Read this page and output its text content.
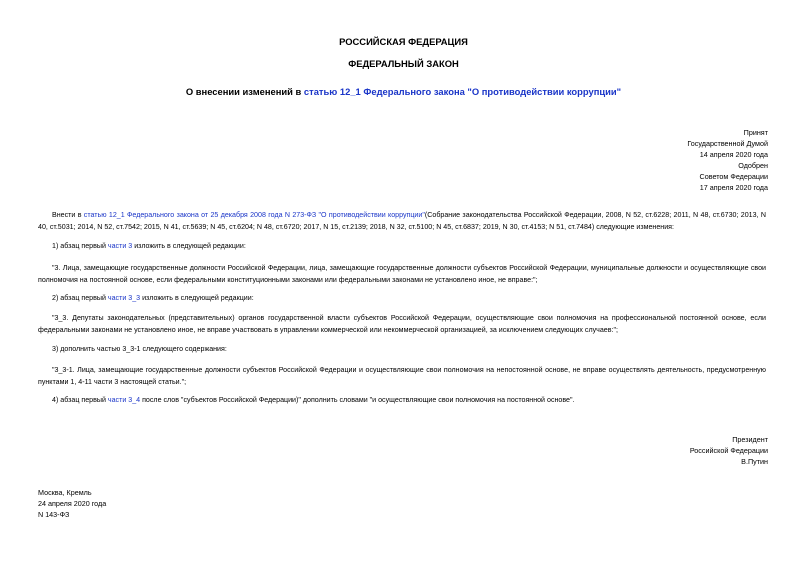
РОССИЙСКАЯ ФЕДЕРАЦИЯ
ФЕДЕРАЛЬНЫЙ ЗАКОН
О внесении изменений в статью 12_1 Федерального закона "О противодействии коррупции"
Принят
Государственной Думой
14 апреля 2020 года
Одобрен
Советом Федерации
17 апреля 2020 года
Внести в статью 12_1 Федерального закона от 25 декабря 2008 года N 273-ФЗ "О противодействии коррупции"(Собрание законодательства Российской Федерации, 2008, N 52, ст.6228; 2011, N 48, ст.6730; 2013, N 40, ст.5031; 2014, N 52, ст.7542; 2015, N 41, ст.5639; N 45, ст.6204; N 48, ст.6720; 2017, N 15, ст.2139; 2018, N 32, ст.5100; N 45, ст.6837; 2019, N 30, ст.4153; N 51, ст.7484) следующие изменения:
1) абзац первый части 3 изложить в следующей редакции:
"3. Лица, замещающие государственные должности Российской Федерации, лица, замещающие государственные должности субъектов Российской Федерации, муниципальные должности и осуществляющие свои полномочия на постоянной основе, если федеральными конституционными законами или федеральными законами не установлено иное, не вправе:";
2) абзац первый части 3_3 изложить в следующей редакции:
"3_3. Депутаты законодательных (представительных) органов государственной власти субъектов Российской Федерации, осуществляющие свои полномочия на профессиональной постоянной основе, если федеральными законами не установлено иное, не вправе участвовать в управлении коммерческой или некоммерческой организацией, за исключением следующих случаев:";
3) дополнить частью 3_3-1 следующего содержания:
"3_3-1. Лица, замещающие государственные должности субъектов Российской Федерации и осуществляющие свои полномочия на непостоянной основе, не вправе осуществлять деятельность, предусмотренную пунктами 1, 4-11 части 3 настоящей статьи.";
4) абзац первый части 3_4 после слов "субъектов Российской Федерации)" дополнить словами "и осуществляющие свои полномочия на постоянной основе".
Президент
Российской Федерации
В.Путин
Москва, Кремль
24 апреля 2020 года
N 143-ФЗ
